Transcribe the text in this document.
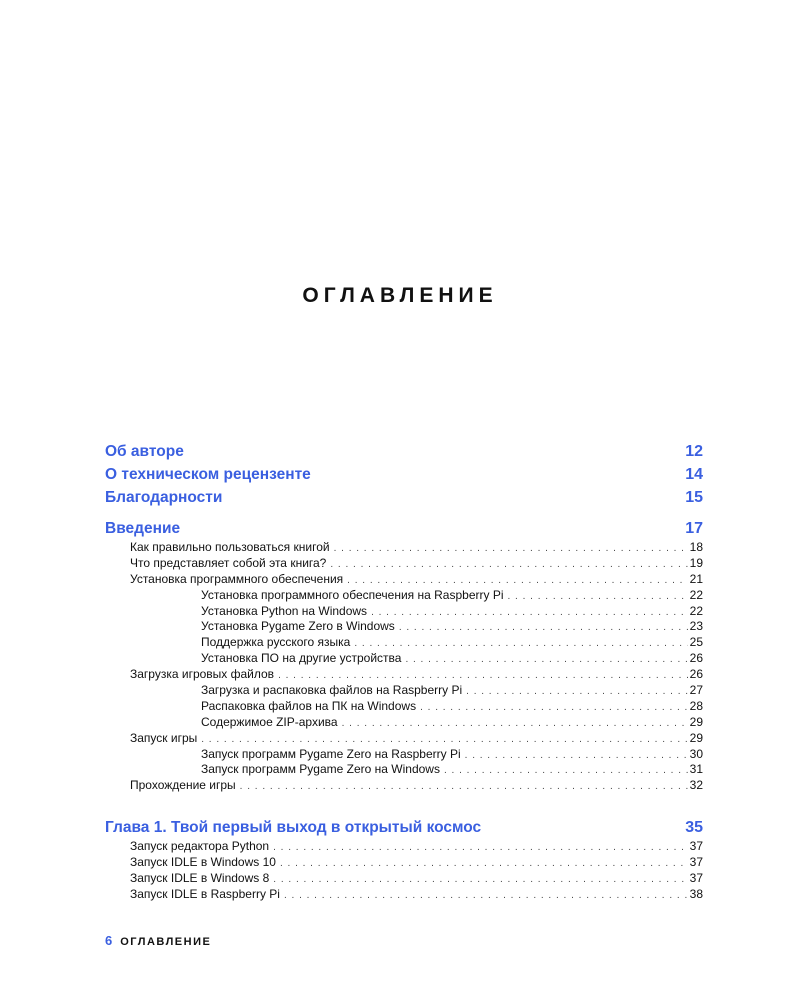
ОГЛАВЛЕНИЕ
Об авторе	12
О техническом рецензенте	14
Благодарности	15
Введение	17
Как правильно пользоваться книгой . . .	18
Что представляет собой эта книга? . . .	19
Установка программного обеспечения . . .	21
Установка программного обеспечения на Raspberry Pi . . .	22
Установка Python на Windows . . .	22
Установка Pygame Zero в Windows . . .	23
Поддержка русского языка . . .	25
Установка ПО на другие устройства . . .	26
Загрузка игровых файлов . . .	26
Загрузка и распаковка файлов на Raspberry Pi . . .	27
Распаковка файлов на ПК на Windows . . .	28
Содержимое ZIP-архива . . .	29
Запуск игры . . .	29
Запуск программ Pygame Zero на Raspberry Pi . . .	30
Запуск программ Pygame Zero на Windows . . .	31
Прохождение игры . . .	32
Глава 1. Твой первый выход в открытый космос	35
Запуск редактора Python . . .	37
Запуск IDLE в Windows 10 . . .	37
Запуск IDLE в Windows 8 . . .	37
Запуск IDLE в Raspberry Pi . . .	38
6 ОГЛАВЛЕНИЕ
